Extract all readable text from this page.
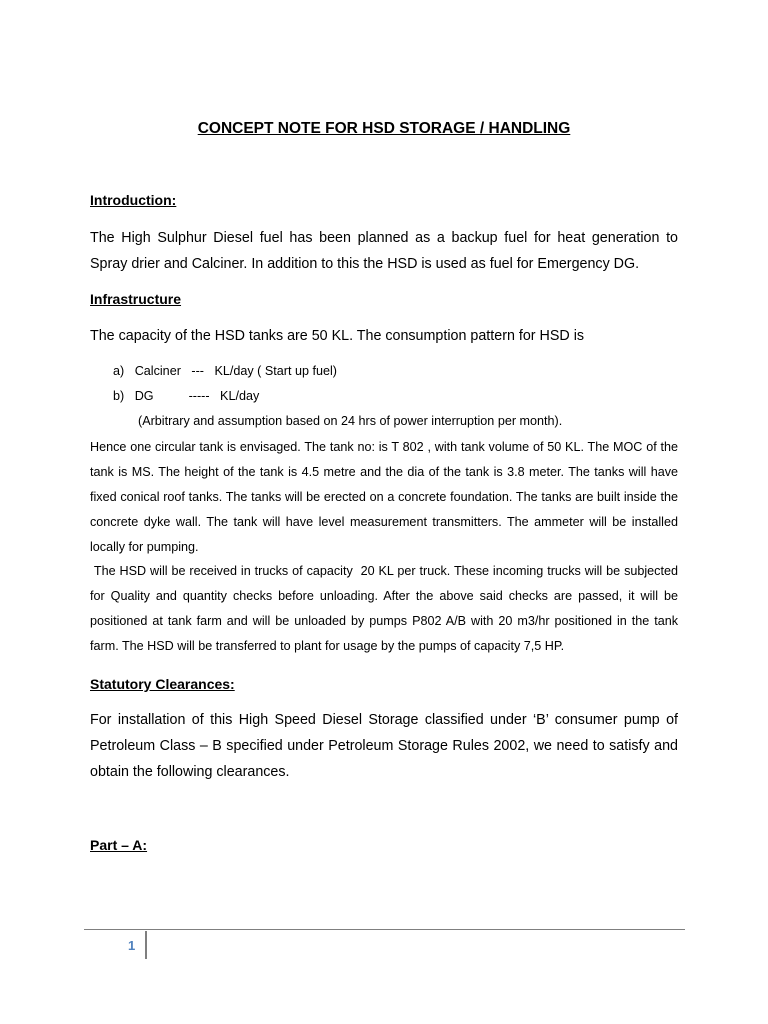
CONCEPT NOTE FOR HSD STORAGE / HANDLING
Introduction:

The High Sulphur Diesel fuel has been planned as a backup fuel for heat generation to Spray drier and Calciner. In addition to this the HSD is used as fuel for Emergency DG.

Infrastructure

The capacity of the HSD tanks are 50 KL. The consumption pattern for HSD is

a)   Calciner   ---   KL/day ( Start up fuel)

b)   DG          -----   KL/day

(Arbitrary and assumption based on 24 hrs of power interruption per month).

Hence one circular tank is envisaged. The tank no: is T 802 , with tank volume of 50 KL. The MOC of the tank is MS. The height of the tank is 4.5 metre and the dia of the tank is 3.8 meter. The tanks will have fixed conical roof tanks. The tanks will be erected on a concrete foundation. The tanks are built inside the concrete dyke wall. The tank will have level measurement transmitters. The ammeter will be installed locally for pumping.

The HSD will be received in trucks of capacity  20 KL per truck. These incoming trucks will be subjected for Quality and quantity checks before unloading. After the above said checks are passed, it will be positioned at tank farm and will be unloaded by pumps P802 A/B with 20 m3/hr positioned in the tank farm. The HSD will be transferred to plant for usage by the pumps of capacity 7,5 HP.

Statutory Clearances:

For installation of this High Speed Diesel Storage classified under ‘B’ consumer pump of Petroleum Class – B specified under Petroleum Storage Rules 2002, we need to satisfy and obtain the following clearances.

Part – A:
1
